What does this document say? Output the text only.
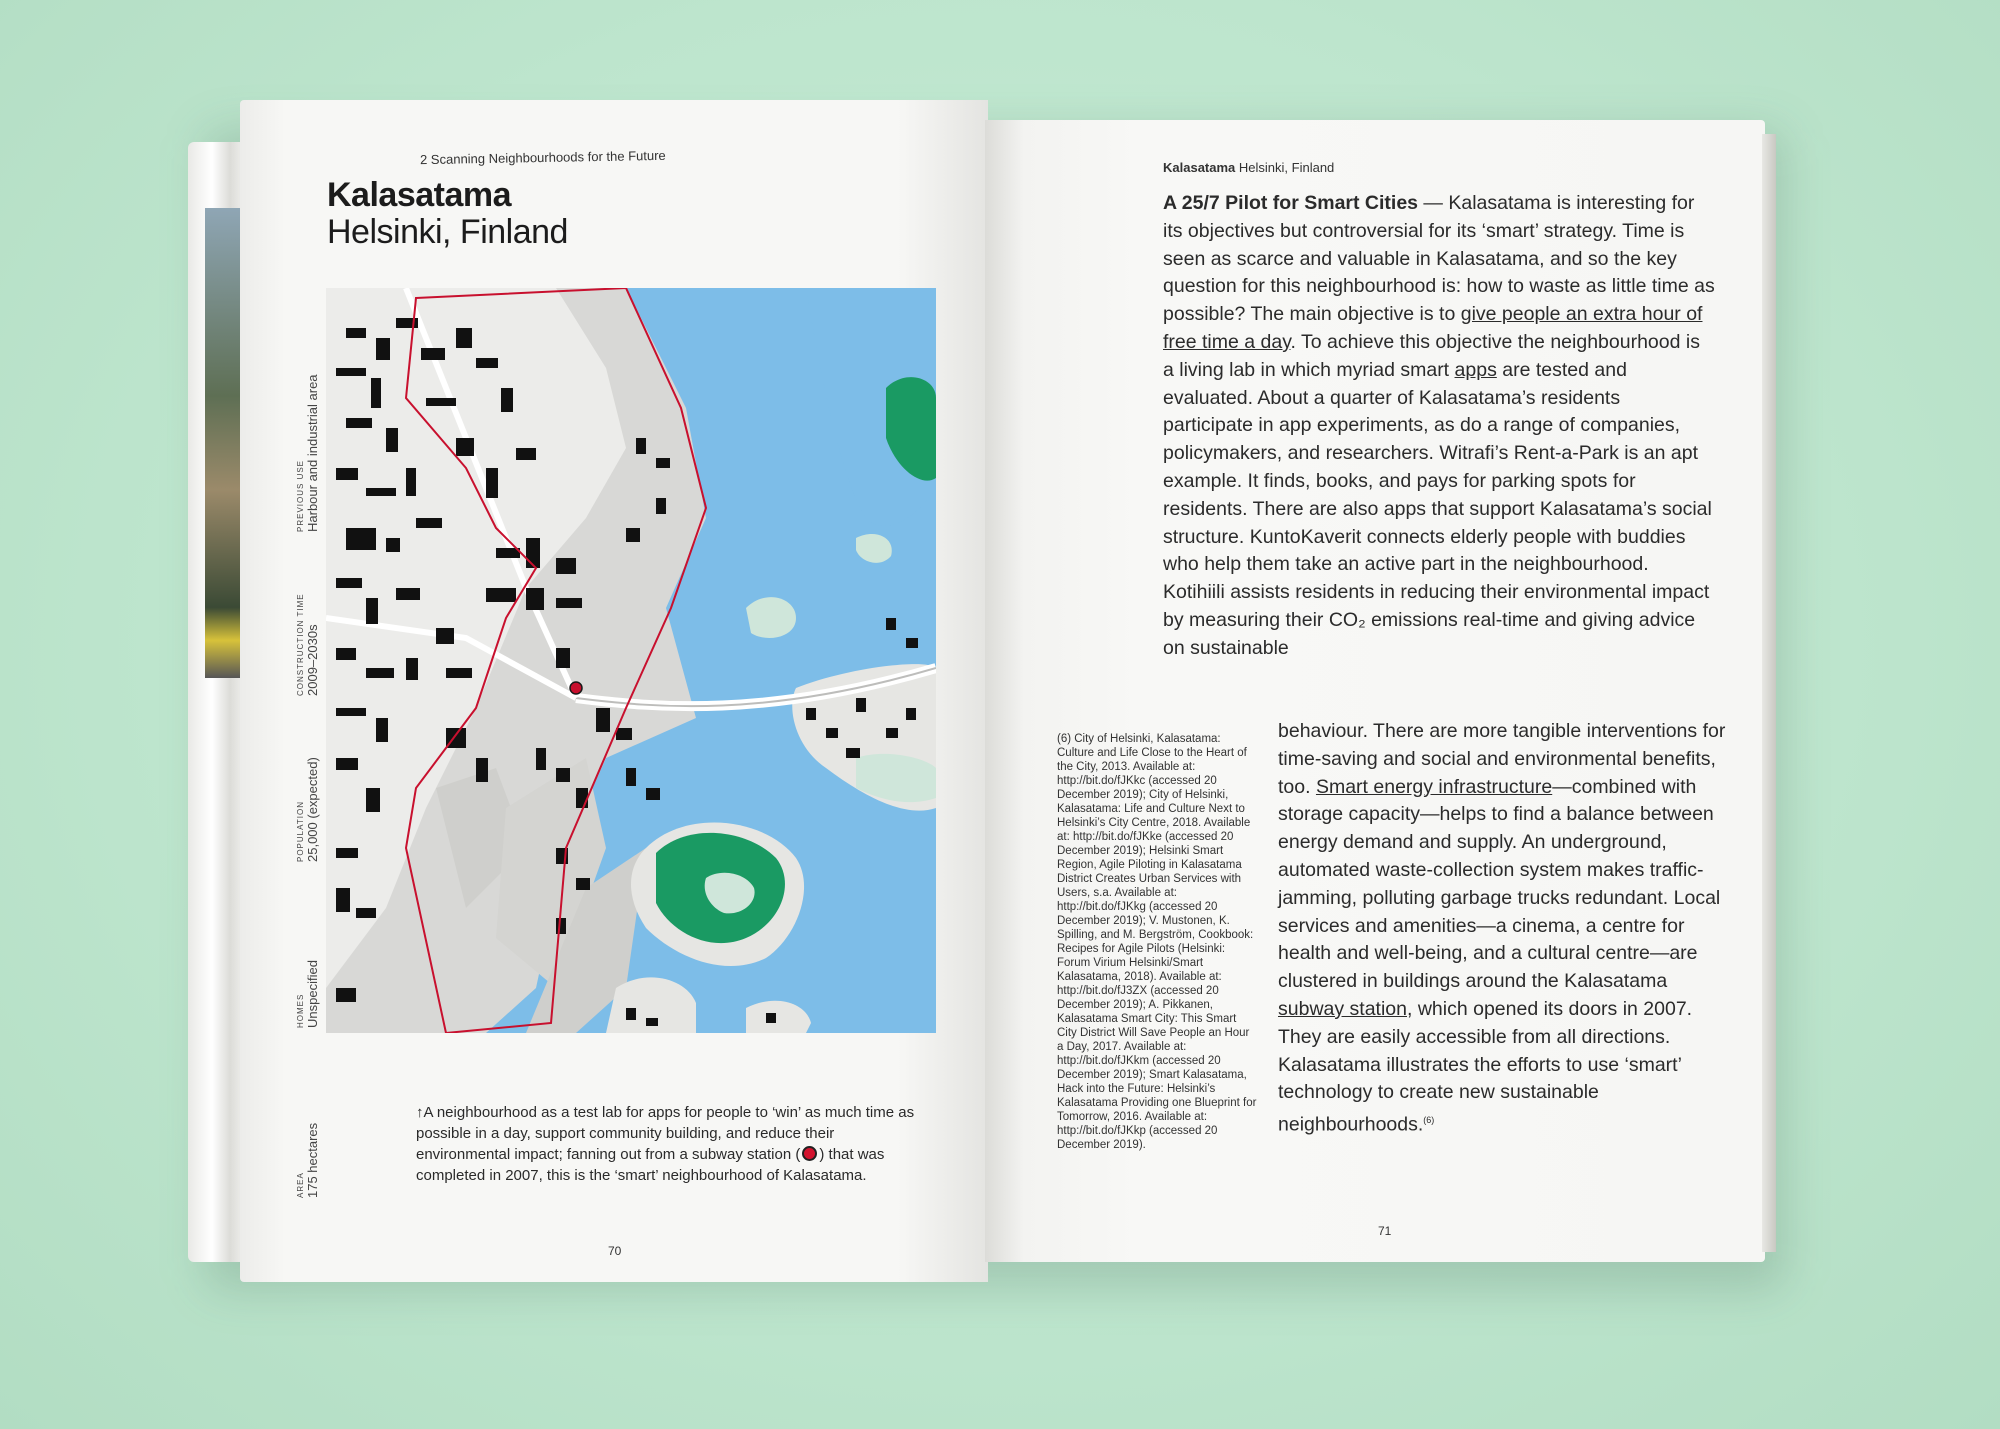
2 Scanning Neighbourhoods for the Future
Kalasatama
Helsinki, Finland
PREVIOUS USE Harbour and industrial area
CONSTRUCTION TIME 2009–2030s
POPULATION 25,000 (expected)
HOMES Unspecified
AREA 175 hectares
↑A neighbourhood as a test lab for apps for people to ‘win’ as much time as possible in a day, support community building, and reduce their environmental impact; fanning out from a subway station ( ) that was completed in 2007, this is the ‘smart’ neighbourhood of Kalasatama.
70
Kalasatama Helsinki, Finland
A 25/7 Pilot for Smart Cities — Kalasatama is interesting for its objectives but controversial for its ‘smart’ strategy. Time is seen as scarce and valuable in Kalasatama, and so the key question for this neighbourhood is: how to waste as little time as possible? The main objective is to give people an extra hour of free time a day. To achieve this objective the neighbourhood is a living lab in which myriad smart apps are tested and evaluated. About a quarter of Kalasatama’s residents participate in app experiments, as do a range of companies, policymakers, and researchers. Witrafi’s Rent-a-Park is an apt example. It finds, books, and pays for parking spots for residents. There are also apps that support Kalasatama’s social structure. KuntoKaverit connects elderly people with buddies who help them take an active part in the neighbourhood. Kotihiili assists residents in reducing their environmental impact by measuring their CO₂ emissions real-time and giving advice on sustainable
(6) City of Helsinki, Kalasatama: Culture and Life Close to the Heart of the City, 2013. Available at: http://bit.do/fJKkc (accessed 20 December 2019); City of Helsinki, Kalasatama: Life and Culture Next to Helsinki’s City Centre, 2018. Available at: http://bit.do/fJKke (accessed 20 December 2019); Helsinki Smart Region, Agile Piloting in Kalasatama District Creates Urban Services with Users, s.a. Available at: http://bit.do/fJKkg (accessed 20 December 2019); V. Mustonen, K. Spilling, and M. Bergström, Cookbook: Recipes for Agile Pilots (Helsinki: Forum Virium Helsinki/Smart Kalasatama, 2018). Available at: http://bit.do/fJ3ZX (accessed 20 December 2019); A. Pikkanen, Kalasatama Smart City: This Smart City District Will Save People an Hour a Day, 2017. Available at: http://bit.do/fJKkm (accessed 20 December 2019); Smart Kalasatama, Hack into the Future: Helsinki’s Kalasatama Providing one Blueprint for Tomorrow, 2016. Available at: http://bit.do/fJKkp (accessed 20 December 2019).
behaviour. There are more tangible interventions for time-saving and social and environmental benefits, too. Smart energy infrastructure—combined with storage capacity—helps to find a balance between energy demand and supply. An underground, automated waste-collection system makes traffic-jamming, polluting garbage trucks redundant. Local services and amenities—a cinema, a centre for health and well-being, and a cultural centre—are clustered in buildings around the Kalasatama subway station, which opened its doors in 2007. They are easily accessible from all directions. Kalasatama illustrates the efforts to use ‘smart’ technology to create new sustainable neighbourhoods.$^{(6)}$
71
